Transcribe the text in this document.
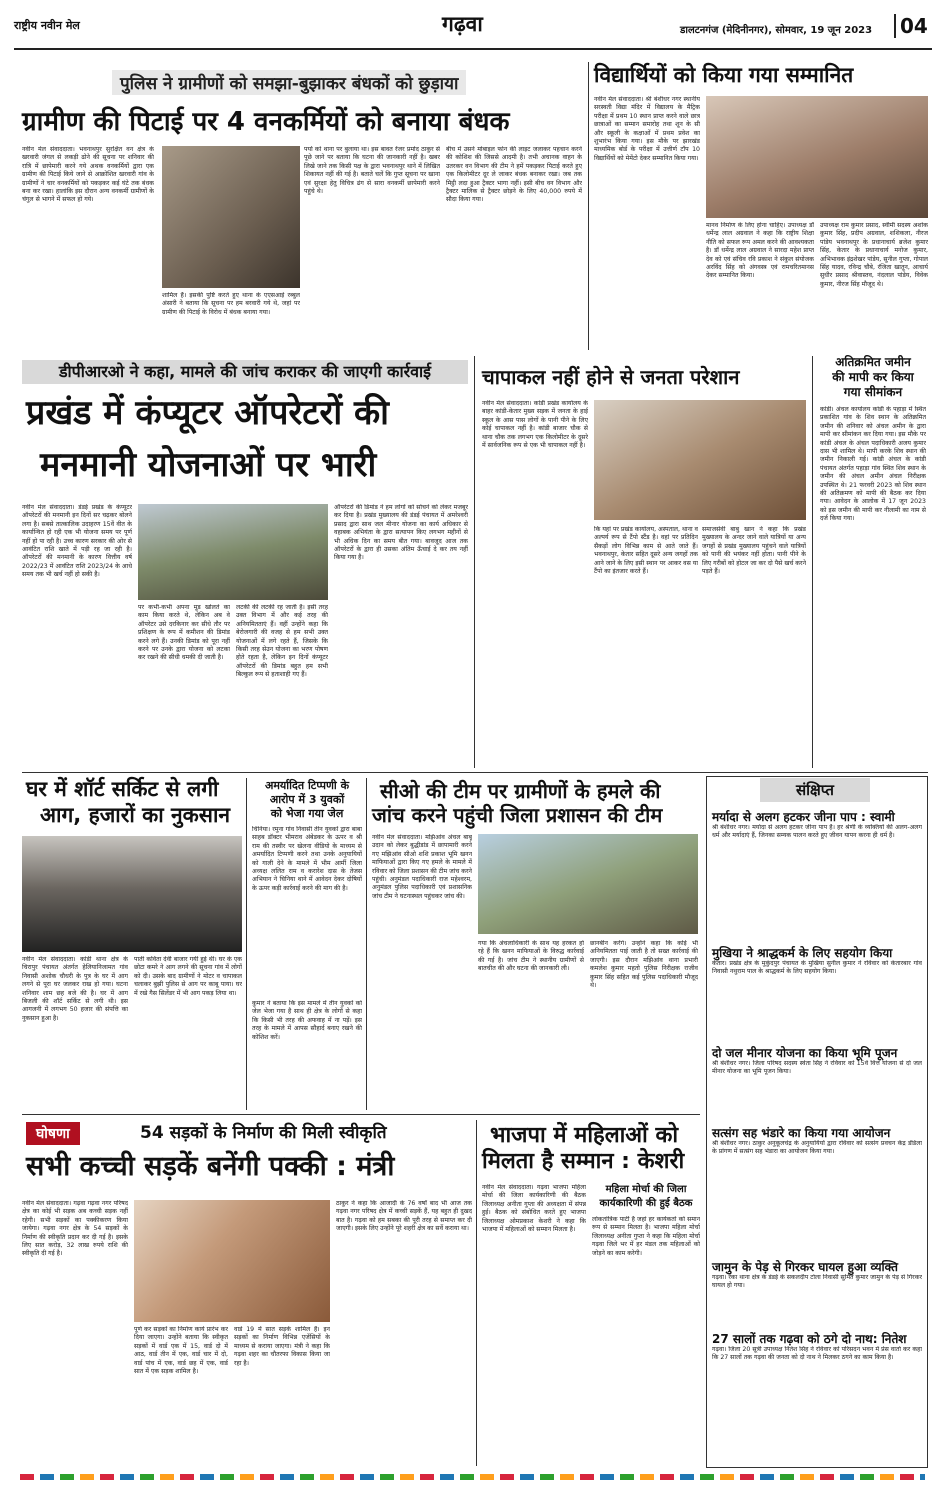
राष्ट्रीय नवीन मेल	गढ़वा	डालटनगंज (मेदिनीनगर), सोमवार, 19 जून 2023	04
पुलिस ने ग्रामीणों को समझा-बुझाकर बंधकों को छुड़ाया
ग्रामीण की पिटाई पर 4 वनकर्मियों को बनाया बंधक
नवीन मेल संवाददाता। भवनाथपुर सुरक्षित वन क्षेत्र के खरवारी जंगल से लकड़ी ढोने की सूचना पर शनिवार की रात्रि में छापेमारी करने गये अथक वनकर्मियों द्वारा एक ग्रामीण की पिटाई किये जाने से आक्रोशित खरवारी गांव के ग्रामीणों ने चार वनकर्मियों को पकड़कर कई घंटे तक बंधक बना कर रखा। हालांकि इस दौरान अन्य वनकर्मी ग्रामीणों के चंगुल से भागने में सफल हो गये।
शामिल हैं। इसकी पुष्टि करते हुए थाना के एएसआई रब्बुल अंसारी ने बताया कि सूचना पर हम बरवारी गये थे, जहां पर ग्रामीण की पिटाई के विरोध में बंधक बनाया गया।
पर्यो को थाना पर बुलाया था। इस बावत रेंजर प्रमोद ठाकुर से पूछे जाने पर बताया कि घटना की जानकारी नहीं है। खबर लिखे जाने तक किसी पक्ष के द्वारा भवनाथपुर थाने में लिखित शिकायत नहीं की गई है। बताते चलें कि गुप्त सूचना पर खाना एवं सुरक्षा हेतु विचित्र ढंग से सारा वनकर्मी छापेमारी करने पहुंचे थे।
बीच में उसने मोबाइल फोन की लाइट जलाकर पहचान करने की कोशिश की जिससे आदमी है। तभी अचानक वाहन के उतरकर वन विभाग की टीम ने हमें पकड़कर पिटाई करते हुए एक किलोमीटर दूर ले जाकर बंधक बनाकर रखा। जब तक मिट्ठी लदा हुआ ट्रैक्टर भागा नहीं। इसी बीच वन विभाग और ट्रैक्टर मालिक से ट्रैक्टर छोड़ने के लिए 40,000 रुपये में सौदा किया गया।
विद्यार्थियों को किया गया सम्मानित
नवीन मेल संवाददाता। श्री बंशीधर नगर स्थानीय सरस्वती विद्या मंदिर में विद्यालय के मैट्रिक परीक्षा में प्रथम 10 स्थान प्राप्त करने वाले छात्र छात्राओं का सम्मान समारोह तथा शून के सी और स्कूली के कक्षाओं में प्रथम प्रवेश का शुभारंभ किया गया। इस मौके पर झारखंड माध्यमिक बोर्ड के परीक्षा में उत्तीर्ण टॉप 10 विद्यार्थियों को मेमेंटो देकर सम्मानित किया गया।
मानव निर्माण के लिए होना चाहिए। उपाध्यक्ष डॉ धर्मेन्द्र लाल अग्रवाल ने कहा कि राष्ट्रीय शिक्षा नीति को सफल रूप अमल करने की आवश्यकता है। डॉ धर्मेन्द्र लाल अग्रवाल ने सारदा महेश प्राप्त देव को एवं संचिव रवि प्रकाश ने संकुल संयोजक अरविंद सिंह को अंगवस्त्र एवं रामचरितमानस देकर सम्मानित किया।
उपाध्यक्ष राम कुमार प्रसाद, स्वीमी सदस्य अशोक कुमार सिंह, प्रदीप अग्रवाल, शशिकला, नीरज पांडेय भवनाथपुर के प्रधानाचार्य ब्रजेश कुमार सिंह, केतार के प्रधानाचार्य मनोज कुमार, अभिभावक इंद्रशेखर पांडेय, सुनील गुप्ता, गोपाल सिंह यादव, रविन्द्र चौबे, रंजिता खातून, आचार्य सुधीर प्रसाद श्रीवास्तव, नंदलाल पांडेय, विवेक कुमार, नीरज सिंह मौजूद थे।
डीपीआरओ ने कहा, मामले की जांच कराकर की जाएगी कार्रवाई
प्रखंड में कंप्यूटर ऑपरेटरों की
मनमानी योजनाओं पर भारी
नवीन मेल संवाददाता। डंडई प्रखंड के कंप्यूटर ऑपरेटरों की मनमानी इन दिनों सर चढ़कर बोलने लगा है। सबसे तात्कालिक उदाहरण 15वें वीत के कार्यान्वित हो रही एक भी योजना समय पर पूर्ण नहीं हो पा रही है। उच्च कारण सरकार की ओर से आवंटित राशि खाते में पड़ी रह जा रही है। ऑपरेटरों की मनमानी के कारण वित्तीय वर्ष 2022/23 में आवंटित राशि 2023/24 के आधे समय तक भी खर्च नहीं हो सकी है।
पर कभी-कभी अपना मूड खोलते का काम किया करते थे, लेकिन अब वे ऑपरेटर उसे दरकिनार कर सीधे तौर पर प्रशिक्षण के रूप में कमीशन की डिमांड करने लगे हैं। उनकी डिमांड को पूरा नहीं करने पर उनके द्वारा योजना को लटका कर रखने की सीधी धमकी दी जाती है।
लटकी की लटकी रह जाती है। इसी तरह उक्त विभाग में और कई तरह की अनियमितताएं हैं। वहीं उन्होंने कहा कि बेरोजगारी की वजह से हम सभी उक्त योजनाओं में लगे रहते हैं, जिसके कि किसी तरह सेउन योजना का भरण पोषण होते रहता है, लेकिन इन दिनों कंप्यूटर ऑपरेटरों की डिमांड बहुत हम सभी बिल्कुल रूप से हताशाही गए हैं।
ऑपरेटरों की डिमांड ने हम लोगों को सोचने को लेकर मजबूर कर दिया है। प्रखंड मुख्यालय की डंडई पंचायत में अमरेश्वरी प्रसाद द्वारा साथ जल मीनार योजना का कार्य अधिकार से वहाबक अभियंता के द्वारा सत्यापन किए लगभग महीनों से भी अधिक दिन का समय बीत गया। बावजूद आज तक ऑपरेटरों के द्वारा ही उसका अंतिम ऊँचाई दे कर तय नहीं किया गया है।
चापाकल नहीं होने से जनता परेशान
नवीन मेल संवाददाता। कांडी प्रखंड कार्यालय के बाहर कांडी-केतार मुख्य सड़क में जनता के हाई स्कूल के आस पास लोगों के पानी पीने के लिए कोई चापाकल नहीं है। कांडी बाजार चौक से थाना चौक तक लगभग एक किलोमीटर के दूसरे में सार्वजनिक रूप से एक भी चापाकल नहीं है।
कि यहां पर प्रखंड कार्यालय, अस्पताल, थाना व अल्पर्य रूप से टैंपो स्टैंड है। वहां पर प्रतिदिन सैकड़ों लोग विभिन्न काम से आते जाते हैं। भवनाथपुर, केतार सहित दूसरे अन्य जगहों तक आने जाने के लिए इसी स्थान पर आकर वस या टैंपो का इंतजार करते हैं।
समाजसेवी बाबु खान ने कहा कि प्रखंड मुख्यालय के अन्दर जाने वाले यात्रियों या अन्य जगहों से प्रखंड मुख्यालय पहुंचने वाले यात्रियों को पानी की भयंकर नहीं होता। पानी पीने के लिए गरीबों को होटल जा कर दो पैसे खर्च करने पड़ते हैं।
अतिक्रमित जमीन
की मापी कर किया
गया सीमांकन
कांडी। अंचल कार्यालय कांडी के पहाड़ा में स्थित प्रकाशित गांव के शिव स्थान के अतिक्रमित जमीन की शनिवार को अंचल अमीन के द्वारा मापी कर सीमांकन कर दिया गया। इस मौके पर कांडी अंचल के अंचल पदाधिकारी अजय कुमार दास भी शामिल थे। मापी करके शिव स्थान की जमीन निकाली गई। कांडी अंचल के कांडी पंचायत अंतर्गत पहाड़ा गांव स्थित शिव स्थान के जमीन की अंचल अमीन अंचल निरीक्षक उपस्थित थे। 21 फरवरी 2023 को शिव स्थान की अतिक्रमण को मापी की बैठक कर दिया गया। आवेदन के आलोक में 17 जून 2023 को इस जमीन की मापी कर नीलामी का नाम से दर्ज किया गया।
घर में शॉर्ट सर्किट से लगी
आग, हजारों का नुकसान
नवीन मेल संवाददाता। कांडी थाना क्षेत्र के चिरापुर पंचायत अंतर्गत हेलियानिजामत गांव निवासी अशोक चौधरी के पुत्र के घर में आग लगने से पूरा घर जलकर राख हो गया। घटना शनिवार शाम छह बजे की है। घर में आग बिजली की शॉर्ट सर्किट से लगी थी। इस आगजनी में लगभग 50 हजार की संपत्ति का नुकसान हुआ है।
पाती कविता देवी बाजार गयी हुई थी। घर के एक छोटा कमरे ने आग लगने की सूचना गांव में लोगों को दी। उसके बाद ग्रामीणों ने मोटर व चापाकल चलाकर बुझी पुलिस से आग पर काबू पाया। घर में रखे गैस सिलेंडर में भी आग पकड़ लिया था।
अमर्यादित टिप्पणी के
आरोप में 3 युवकों
को भेजा गया जेल
चिनिया। रमुना गांव निवासी तीन युवकों द्वारा बाबा साहब डॉक्टर भीमराव अंबेडकर के ऊपर व श्री राम की तस्वीर पर खेलना वीडियो के माध्यम से अमर्यादित टिप्पणी करने तथा उनके अनुयायियों को गाली देने के मामले में भीम आर्मी जिला अध्यक्ष ललित राम व करारेश दास के तेजस अभियान ने चिनिया थाने में आवेदन देकर दोषियों के ऊपर कड़ी कार्रवाई करने की माग की है।
कुमार ने बताया कि इस मामले में तीन युवकों को जेल भेजा गया है साथ ही क्षेत्र के लोगों से कहा कि किसी भी तरह की अफवाह में ना पड़ें। इस तरह के मामले में आपस सौहार्द बनाए रखने की कोशिश करें।
सीओ की टीम पर ग्रामीणों के हमले की
जांच करने पहुंची जिला प्रशासन की टीम
नवीन मेल संवाददाता। मझिआंव अंचल बाबू उदान को लेकर बुद्धीडांड में छापामारी करने गए मझिआंव सीओ शशि प्रकाश भूमि खनन माफियाओं द्वारा किए गए हमले के मामले में रविवार को जिला प्रशासन की टीम जांच करने पहुंची। अनुमंडल पदाधिकारी राज महेश्वरम, अनुमंडल पुलिस पदाधिकारी एवं प्रशासनिक जांच टीम ने घटनास्थल पहुंचकर जांच की।
गया कि अंचलाधिकारी के साथ यह हरकत हो रहे हैं कि खनन माफियाओं के विरुद्ध कार्रवाई की गई है। जांच टीम ने स्थानीय ग्रामीणों से बातचीत की और घटना की जानकारी ली।
छानबीन करेंगे। उन्होंने कहा कि कोई भी अनियमितता पाई जाती है तो सख्त कार्रवाई की जाएगी। इस दौरान मझिआंव थाना प्रभारी कमलेश कुमार महतो पुलिस निरीक्षक राजीव कुमार सिंह सहित कई पुलिस पदाधिकारी मौजूद थे।
संक्षिप्त
मर्यादा से अलग हटकर जीना पाप : स्वामी
श्री बंशीधर नगर। मर्यादा से अलग हटकर जीना पाप है। हर श्रेणी के व्यक्तियों की अलग-अलग धर्म और मर्यादाएं हैं, जिनका सम्यक पालन करते हुए जीवन यापन करना ही धर्म है।
मुखिया ने श्राद्धकर्म के लिए सहयोग किया
केतार। प्रखंड क्षेत्र के मुकुंदपुर पंचायत के मुखिया सुनील कुमार ने रविवार को केतारबार गांव निवासी नथुराम पाल के श्राद्धकर्म के लिए सहयोग किया।
दो जल मीनार योजना का किया भूमि पूजन
श्री बंशीधर नगर। जिला परिषद सदस्य स्वेता सिंह ने रविवार को 15वें वित्त योजना से दो जल मीनार योजना का भूमि पूजन किया।
सत्संग सह भंडारे का किया गया आयोजन
श्री बंशीधर नगर। ठाकुर अनुकूलचंद्र के अनुयायियों द्वारा रविवार को सत्संग प्रवचन केंद्र डंडिला के प्रांगण में सत्संग सह भंडारा का आयोजन किया गया।
जामुन के पेड़ से गिरकर घायल हुआ व्यक्ति
गढ़वा। रंका थाना क्षेत्र के डंडई के सकलदीप टोला निवासी सुमित कुमार जामुन के पेड़ से गिरकर घायल हो गया।
27 सालों तक गढ़वा को ठगे दो नाथ: नितेश
गढ़वा। जिला 20 सूत्री उपाध्यक्ष नितेश सिंह ने रविवार को परिसदन भवन में प्रेस वार्ता कर कहा कि 27 सालों तक गढ़वा की जनता को दो नाथ ने मिलकर ठगने का काम किया है।
घोषणा	54 सड़कों के निर्माण की मिली स्वीकृति
सभी कच्ची सड़कें बनेंगी पक्की : मंत्री
नवीन मेल संवाददाता। गढ़वा गढ़वा नगर परिषद क्षेत्र का कोई भी सड़क अब कच्ची सड़क नहीं रहेगी। सभी सड़कों का पक्कीकरण किया जायेगा। गढ़वा नगर क्षेत्र के 54 सड़कों के निर्माण की स्वीकृति प्रदान कर दी गई है। इसके लिए सात करोड़, 32 लाख रुपये राशि की स्वीकृति दी गई है।
पूर्ण कर सड़कों का निर्माण कार्य प्रारंभ कर दिया जाएगा। उन्होंने बताया कि स्वीकृत सड़कों में वार्ड एक में 15, वार्ड दो में आठ, वार्ड तीन में एक, वार्ड चार में दो, वार्ड पांच में एक, वार्ड छह में एक, वार्ड सात में एक सड़क शामिल है।
वार्ड 19 में सात सड़कें शामिल हैं। इन सड़कों का निर्माण विभिन्न एजेंसियों के माध्यम से कराया जाएगा। मंत्री ने कहा कि गढ़वा शहर का चौतरफा विकास किया जा रहा है।
ठाकुर ने कहा कि आजादी के 76 वर्षों बाद भी आज तक गढ़वा नगर परिषद क्षेत्र में कच्ची सड़कें हैं, यह बहुत ही दुखद बात है। गढ़वा को हम सबका की पूरी तरह से समाप्त कर दी जाएगी। इसके लिए उन्होंने पूरे शहरी क्षेत्र का सर्वे कराया था।
भाजपा में महिलाओं को
मिलता है सम्मान : केशरी
नवीन मेल संवाददाता। गढ़वा भाजपा महिला मोर्चा की जिला कार्यकारिणी की बैठक जिलाध्यक्ष अनीता गुप्ता की अध्यक्षता में संपन्न हुई। बैठक को संबोधित करते हुए भाजपा जिलाध्यक्ष ओमप्रकाश केशरी ने कहा कि भाजपा में महिलाओं को सम्मान मिलता है।
महिला मोर्चा की जिला
कार्यकारिणी की हुई बैठक
लोकतांत्रिक पार्टी है जहां हर कार्यकर्ता को समान रूप से सम्मान मिलता है। भाजपा महिला मोर्चा जिलाध्यक्ष अनीता गुप्ता ने कहा कि महिला मोर्चा गढ़वा जिले भर में हर मंडल तक महिलाओं को जोड़ने का काम करेगी।
